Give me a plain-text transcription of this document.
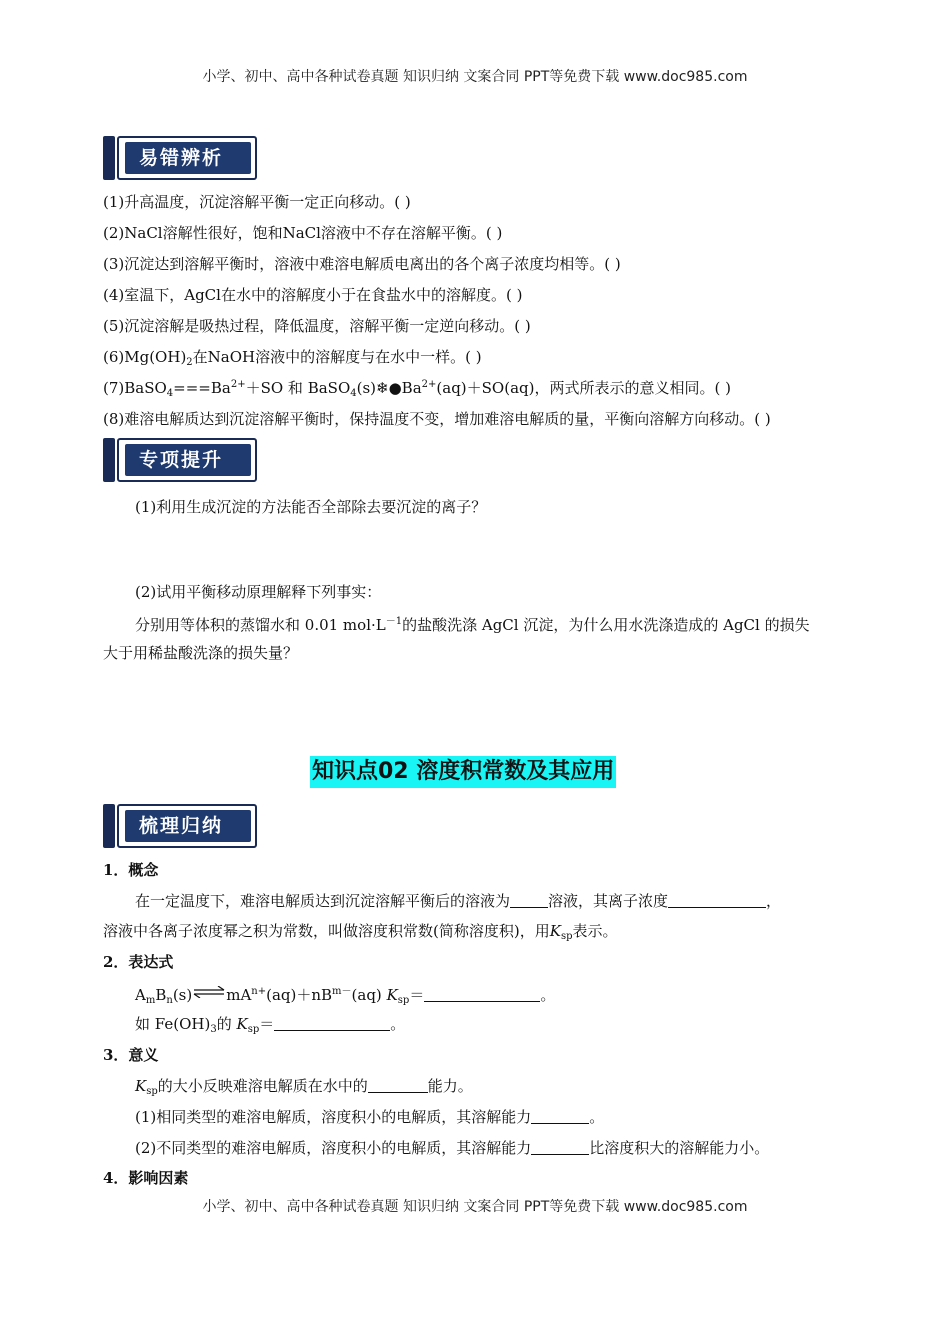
小学、初中、高中各种试卷真题 知识归纳 文案合同 PPT等免费下载 www.doc985.com
易错辨析
(1)升高温度，沉淀溶解平衡一定正向移动。( )
(2)NaCl溶解性很好，饱和NaCl溶液中不存在溶解平衡。( )
(3)沉淀达到溶解平衡时，溶液中难溶电解质电离出的各个离子浓度均相等。( )
(4)室温下，AgCl在水中的溶解度小于在食盐水中的溶解度。( )
(5)沉淀溶解是吸热过程，降低温度，溶解平衡一定逆向移动。( )
$(6)Mg(OH)_2$在NaOH溶液中的溶解度与在水中一样。( )
$(7)BaSO_4===Ba^{2+}+SO$ 和 $BaSO_4(s)❄●Ba^{2+}(aq)+SO(aq)$，两式所表示的意义相同。( )
(8)难溶电解质达到沉淀溶解平衡时，保持温度不变，增加难溶电解质的量，平衡向溶解方向移动。( )
专项提升
(1)利用生成沉淀的方法能否全部除去要沉淀的离子？
(2)试用平衡移动原理解释下列事实：
分别用等体积的蒸馏水和 0.01 $mol\cdot L^{-1}$的盐酸洗涤 AgCl 沉淀，为什么用水洗涤造成的 AgCl 的损失
大于用稀盐酸洗涤的损失量？
知识点02 溶度积常数及其应用
梳理归纳
1．概念
在一定温度下，难溶电解质达到沉淀溶解平衡后的溶液为	溶液，其离子浓度	，
溶液中各离子浓度幂之积为常数，叫做溶度积常数(简称溶度积)，用$K_{sp}$表示。
2．表达式
$A_mB_n(s)\rightleftharpoons mA^{n+}(aq)+nB^{m-}(aq)$ $K_{sp}=$	。
如 $Fe(OH)_3$的 $K_{sp}=$	。
3．意义
$K_{sp}$的大小反映难溶电解质在水中的	能力。
(1)相同类型的难溶电解质，溶度积小的电解质，其溶解能力	。
(2)不同类型的难溶电解质，溶度积小的电解质，其溶解能力	比溶度积大的溶解能力小。
4．影响因素
小学、初中、高中各种试卷真题 知识归纳 文案合同 PPT等免费下载 www.doc985.com
